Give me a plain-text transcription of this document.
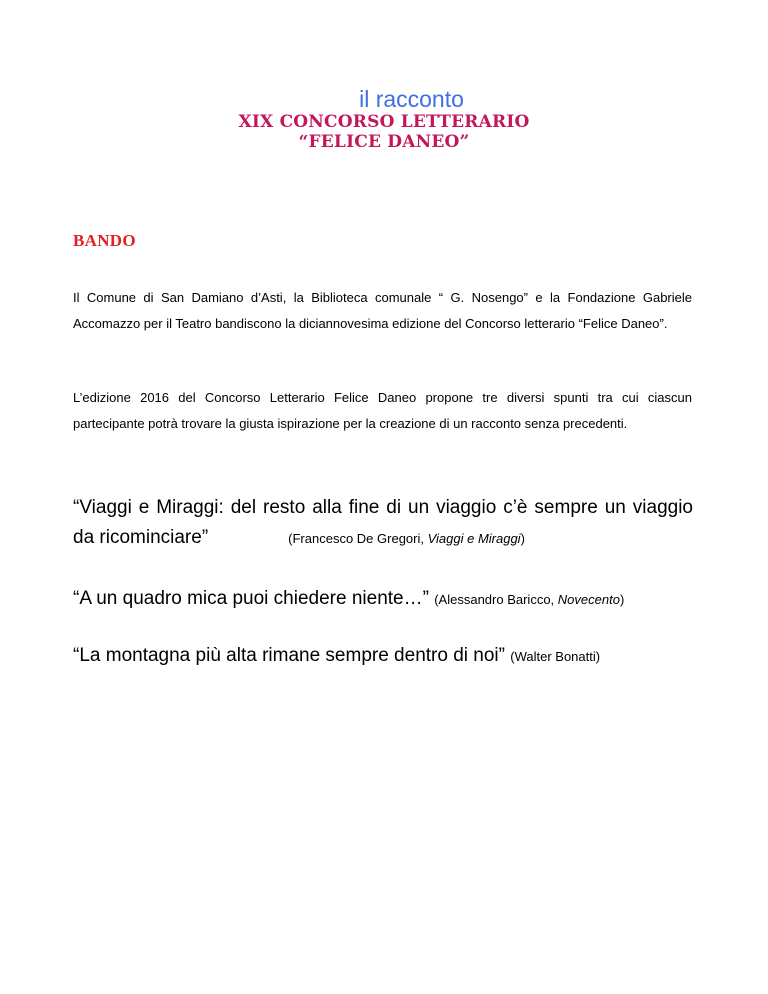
il racconto
XIX CONCORSO LETTERARIO
“FELICE DANEO”
BANDO

Il Comune di San Damiano d’Asti, la Biblioteca comunale “ G. Nosengo” e la Fondazione Gabriele Accomazzo per il Teatro bandiscono la diciannovesima edizione del Concorso letterario “Felice Daneo”.

L’edizione 2016 del Concorso Letterario Felice Daneo propone tre diversi spunti tra cui ciascun partecipante potrà trovare la giusta ispirazione per la creazione di un racconto senza precedenti.

“Viaggi e Miraggi: del resto alla fine di un viaggio c’è sempre un viaggio da ricominciare”	(Francesco De Gregori, Viaggi e Miraggi)
“A un quadro mica puoi chiedere niente…” (Alessandro Baricco, Novecento)
“La montagna più alta rimane sempre dentro di noi” (Walter Bonatti)
